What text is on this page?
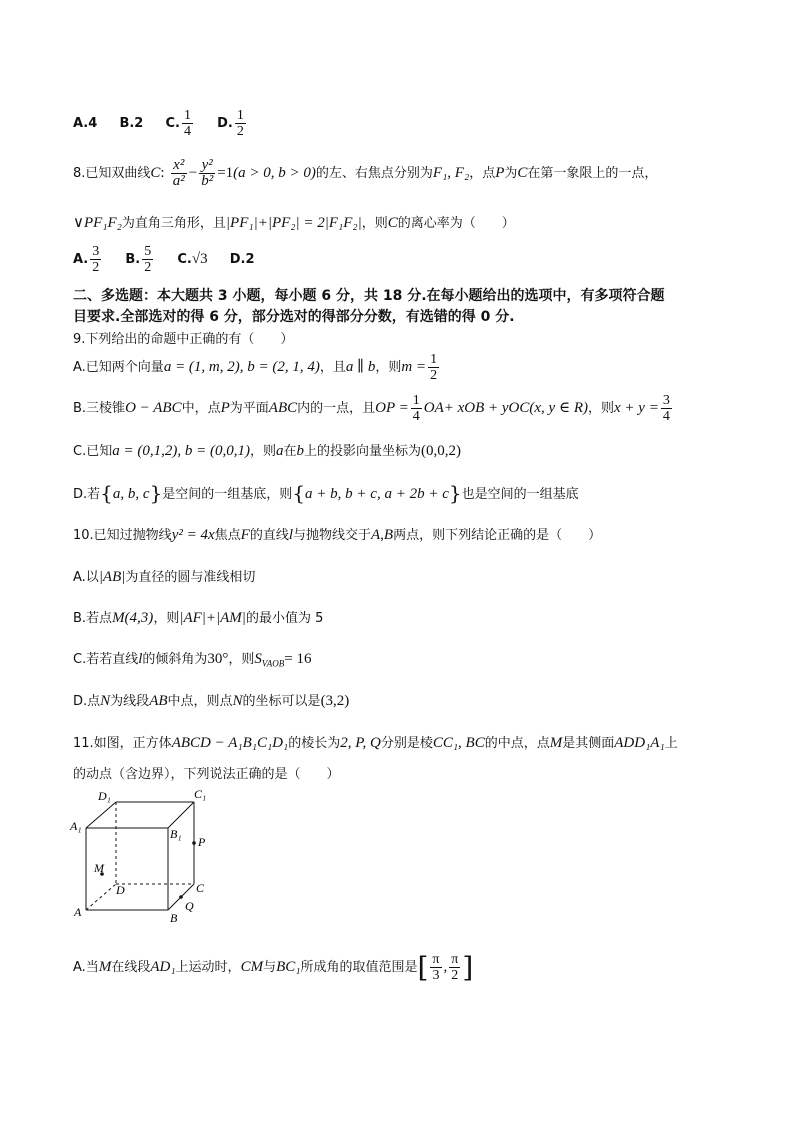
A.4 B.2 C. $\frac{1}{4} D$. $\frac{1}{2}$
8.已知双曲线C: $\frac{\text{x²}}{\text{a²}} - \frac{\text{y²}}{\text{b²}} =1(a > 0$, b > 0)的左、右焦点分别为F₁, F₂，点P为C在第一象限上的一点，
∨PF₁F₂为直角三角形，且|PF₁|+|PF₂| = 2|F₁F₂|，则C的离心率为（　　）
A. $\frac{3}{2} B$. $\frac{5}{2} C.√3$ D.2
二、多选题：本大题共 3 小题，每小题 6 分，共 18 分.在每小题给出的选项中，有多项符合题
目要求.全部选对的得 6 分，部分选对的得部分分数，有选错的得 0 分.
9.下列给出的命题中正确的有（　　）
A.已知两个向量a = (1, m, 2), b = (2, 1, 4)，且a ∥ b，则$m = \frac{1}{2}$
B.三棱锥O − ABC中，点P为平面ABC内的一点，且OP = $\frac{1}{4} OA+$ xOB + yOC(x, y ∈ R)，则$x + y = \frac{3}{4}$
C.已知a = (0,1,2), b = (0,0,1)，则a在b上的投影向量坐标为(0,0,2)
D.若{a, b, c}是空间的一组基底，则{a + b, b + c, a + 2b + c}也是空间的一组基底
10.已知过抛物线y² = 4x焦点F的直线l与抛物线交于A,B两点，则下列结论正确的是（　　）
A.以|AB|为直径的圆与准线相切
B.若点M(4,3)，则|AF|+|AM|的最小值为 5
C.若若直线l的倾斜角为30°，则$S_{VAOB}= 16$
D.点N为线段AB中点，则点N的坐标可以是(3,2)
11.如图，正方体ABCD − A₁B₁C₁D₁的棱长为2, P, Q分别是棱CC₁, BC的中点，点M是其侧面ADD₁A₁上
的动点（含边界），下列说法正确的是（　　）
D₁	C₁
A₁
B₁
P
M
D	C
A	B
Q
A.当M在线段AD₁上运动时，CM与BC₁所成角的取值范围是[ $\frac{\pi}{3}$ , $\frac{\pi}{2}$ ]
